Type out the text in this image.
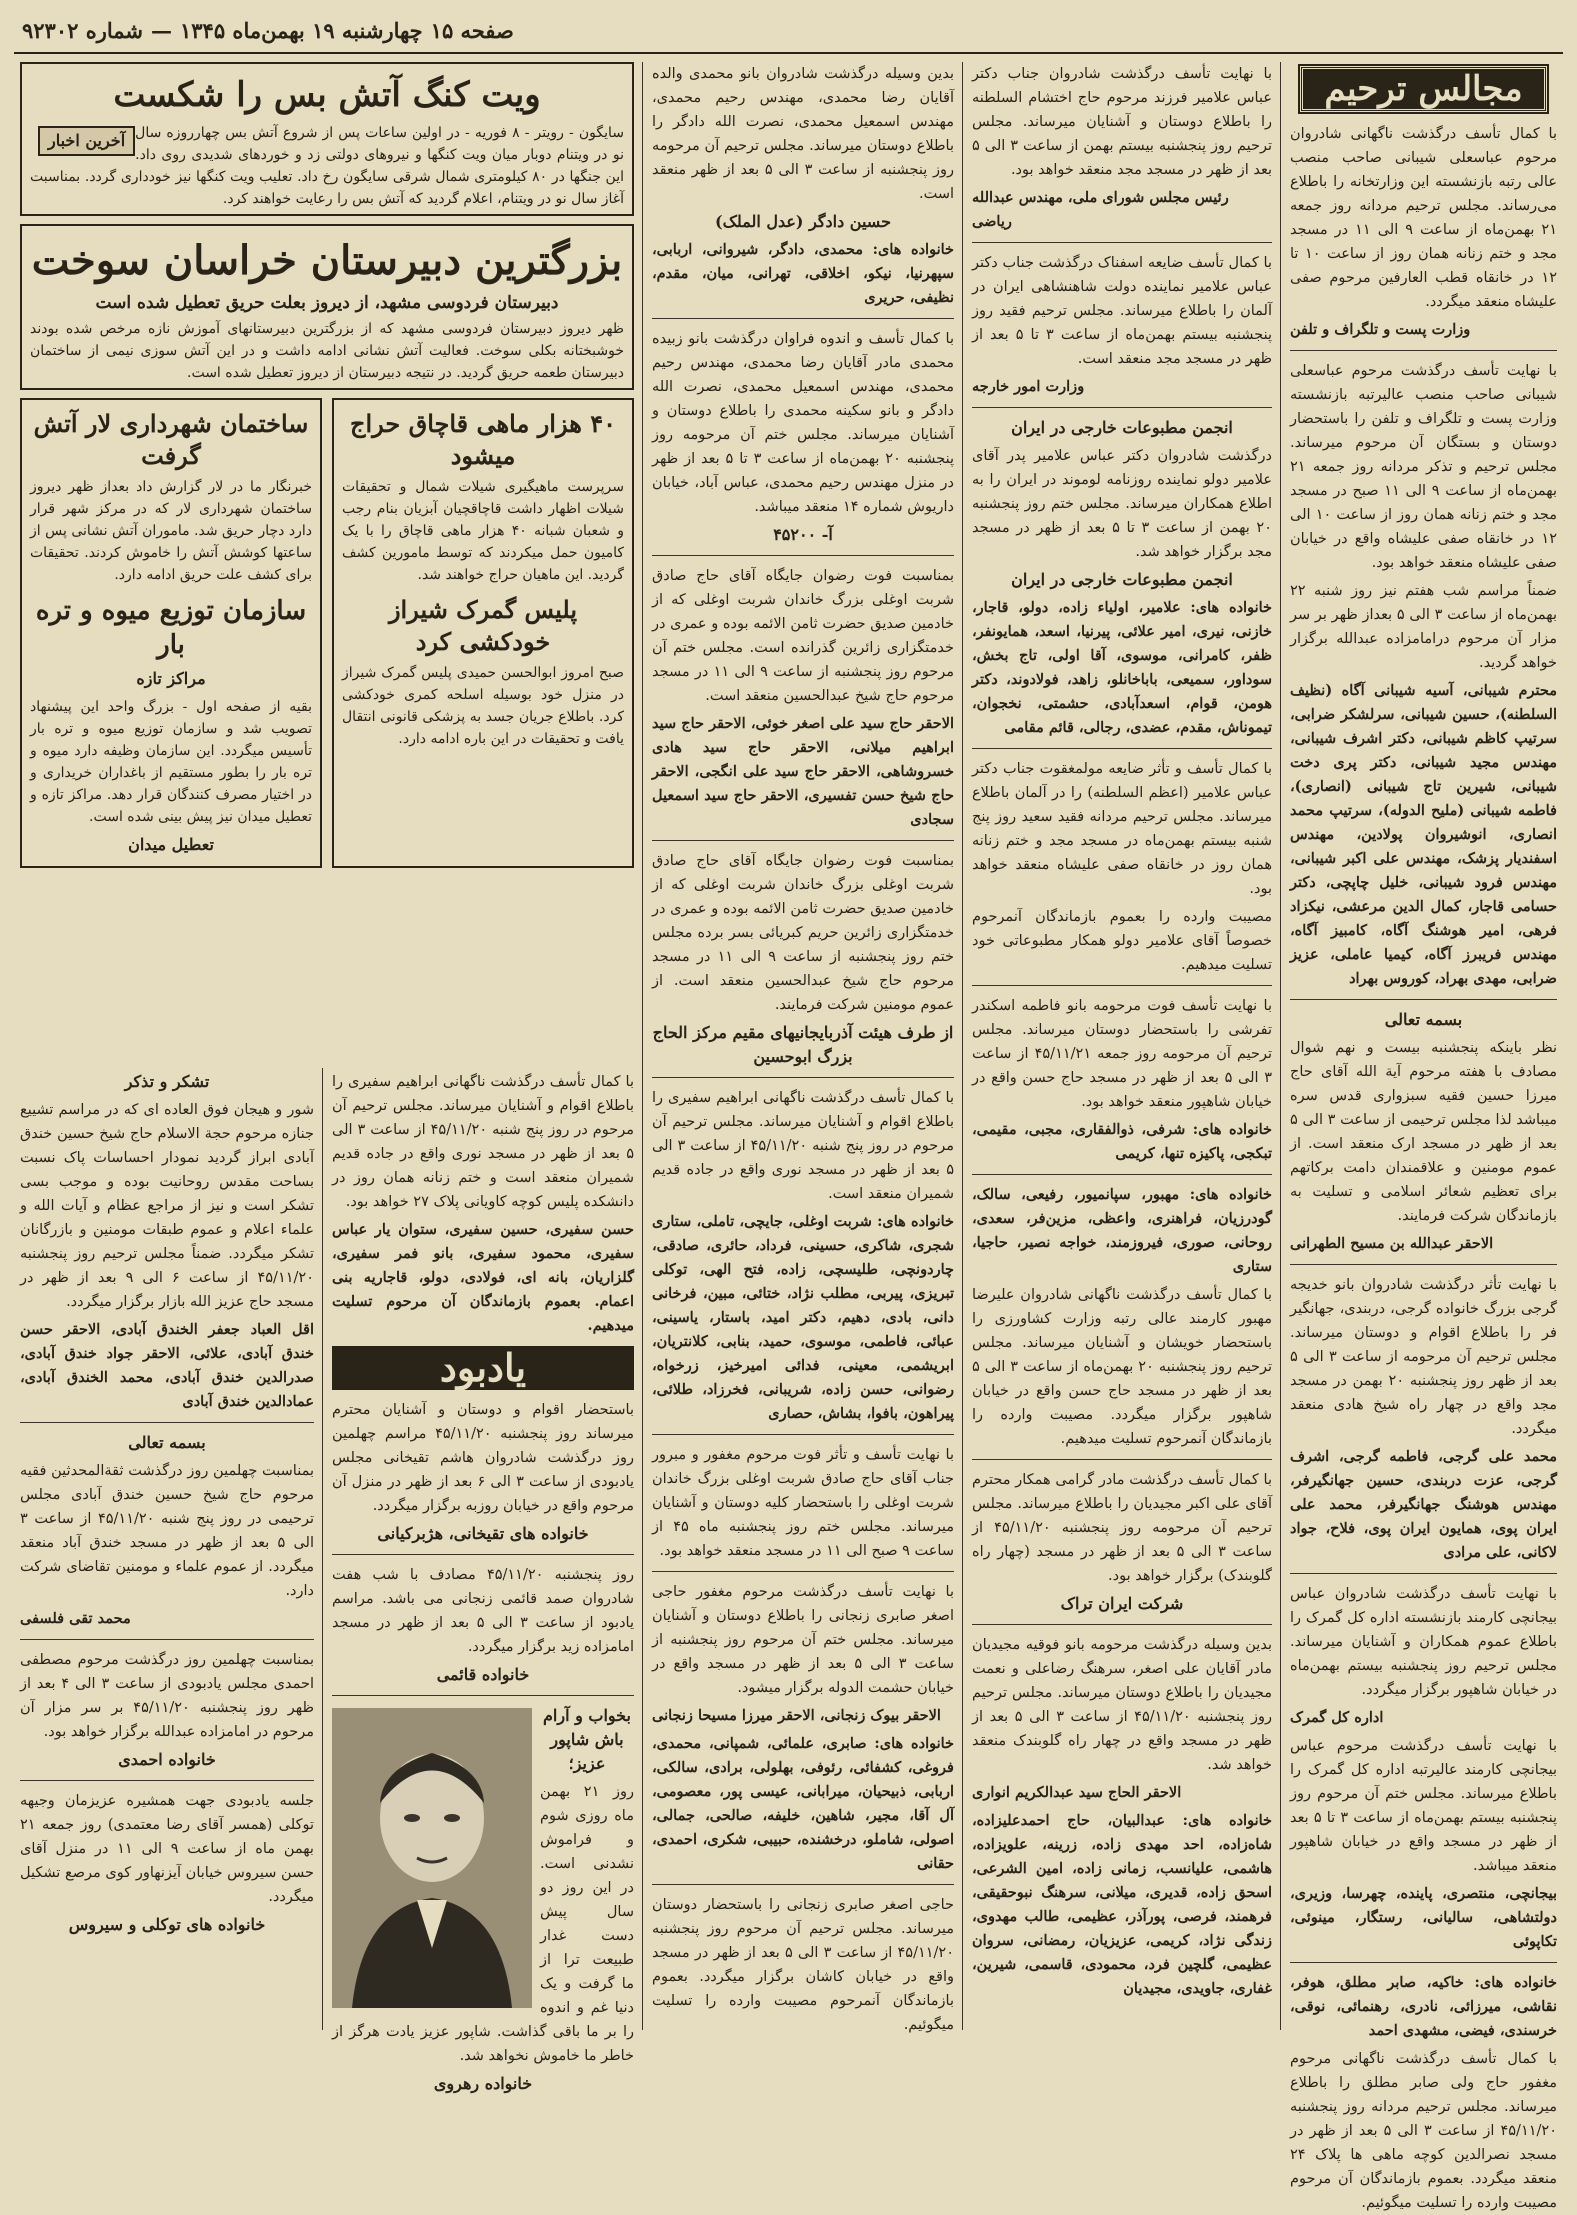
صفحه ۱۵
چهارشنبه ۱۹ بهمن‌ماه ۱۳۴۵
—
شماره ۹۲۳۰۲
مجالس ترحیم

با کمال تأسف درگذشت ناگهانی شادروان مرحوم عباسعلی شیبانی صاحب منصب عالی رتبه بازنشسته این وزارتخانه را باطلاع می‌رساند. مجلس ترحیم مردانه روز جمعه ۲۱ بهمن‌ماه از ساعت ۹ الی ۱۱ در مسجد مجد و ختم زنانه همان روز از ساعت ۱۰ تا ۱۲ در خانقاه قطب العارفین مرحوم صفی علیشاه منعقد میگردد.

وزارت پست و تلگراف و تلفن

با نهایت تأسف درگذشت مرحوم عباسعلی شیبانی صاحب منصب عالیرتبه بازنشسته وزارت پست و تلگراف و تلفن را باستحضار دوستان و بستگان آن مرحوم میرساند. مجلس ترحیم و تذکر مردانه روز جمعه ۲۱ بهمن‌ماه از ساعت ۹ الی ۱۱ صبح در مسجد مجد و ختم زنانه همان روز از ساعت ۱۰ الی ۱۲ در خانقاه صفی علیشاه واقع در خیابان صفی علیشاه منعقد خواهد بود.

ضمناً مراسم شب هفتم نیز روز شنبه ۲۲ بهمن‌ماه از ساعت ۳ الی ۵ بعداز ظهر بر سر مزار آن مرحوم درامامزاده عبدالله برگزار خواهد گردید.

محترم شیبانی، آسیه شیبانی آگاه (نظیف السلطنه)، حسین شیبانی، سرلشکر ضرابی، سرتیپ کاظم شیبانی، دکتر اشرف شیبانی، مهندس مجید شیبانی، دکتر پری دخت شیبانی، شیرین تاج شیبانی (انصاری)، فاطمه شیبانی (ملیح الدوله)، سرتیپ محمد انصاری، انوشیروان پولادین، مهندس اسفندیار پزشک، مهندس علی اکبر شیبانی، مهندس فرود شیبانی، خلیل چاپچی، دکتر حسامی قاجار، کمال الدین مرعشی، نیکزاد فرهی، امیر هوشنگ آگاه، کامبیز آگاه، مهندس فریبرز آگاه، کیمیا عاملی، عزیز ضرابی، مهدی بهراد، کوروس بهراد

بسمه تعالی

نظر باینکه پنجشنبه بیست و نهم شوال مصادف با هفته مرحوم آیة الله آقای حاج میرزا حسین فقیه سبزواری قدس سره میباشد لذا مجلس ترحیمی از ساعت ۳ الی ۵ بعد از ظهر در مسجد ارک منعقد است. از عموم مومنین و علاقمندان دامت برکاتهم برای تعظیم شعائر اسلامی و تسلیت به بازماندگان شرکت فرمایند.

الاحقر عبدالله بن مسیح الطهرانی

با نهایت تأثر درگذشت شادروان بانو خدیجه گرجی بزرگ خانواده گرجی، دربندی، جهانگیر فر را باطلاع اقوام و دوستان میرساند. مجلس ترحیم آن مرحومه از ساعت ۳ الی ۵ بعد از ظهر روز پنجشنبه ۲۰ بهمن در مسجد مجد واقع در چهار راه شیخ هادی منعقد میگردد.

محمد علی گرجی، فاطمه گرجی، اشرف گرجی، عزت دربندی، حسین جهانگیرفر، مهندس هوشنگ جهانگیرفر، محمد علی ایران پوی، همایون ایران پوی، فلاح، جواد لاکانی، علی مرادی

با نهایت تأسف درگذشت شادروان عباس بیجانچی کارمند بازنشسته اداره کل گمرک را باطلاع عموم همکاران و آشنایان میرساند. مجلس ترحیم روز پنجشنبه بیستم بهمن‌ماه در خیابان شاهپور برگزار میگردد.

اداره کل گمرک

با نهایت تأسف درگذشت مرحوم عباس بیجانچی کارمند عالیرتبه اداره کل گمرک را باطلاع میرساند. مجلس ختم آن مرحوم روز پنجشنبه بیستم بهمن‌ماه از ساعت ۳ تا ۵ بعد از ظهر در مسجد واقع در خیابان شاهپور منعقد میباشد.

بیجانچی، منتصری، پاینده، چهرسا، وزیری، دولتشاهی، سالیانی، رستگار، مینوئی، تکاپوئی

خانواده های: خاکیه، صابر مطلق، هوفر، نقاشی، میرزائی، نادری، رهنمائی، نوقی، خرسندی، فیضی، مشهدی احمد

با کمال تأسف درگذشت ناگهانی مرحوم مغفور حاج ولی صابر مطلق را باطلاع میرساند. مجلس ترحیم مردانه روز پنجشنبه ۴۵/۱۱/۲۰ از ساعت ۳ الی ۵ بعد از ظهر در مسجد نصرالدین کوچه ماهی ها پلاک ۲۴ منعقد میگردد. بعموم بازماندگان آن مرحوم مصیبت وارده را تسلیت میگوئیم.

با نهایت تأسف درگذشت شادروان جناب دکتر عباس علامیر فرزند مرحوم حاج اختشام السلطنه را باطلاع دوستان و آشنایان میرساند. مجلس ترحیم روز پنجشنبه بیستم بهمن از ساعت ۳ الی ۵ بعد از ظهر در مسجد مجد منعقد خواهد بود.

رئیس مجلس شورای ملی، مهندس عبدالله ریاضی

با کمال تأسف ضایعه اسفناک درگذشت جناب دکتر عباس علامیر نماینده دولت شاهنشاهی ایران در آلمان را باطلاع میرساند. مجلس ترحیم فقید روز پنجشنبه بیستم بهمن‌ماه از ساعت ۳ تا ۵ بعد از ظهر در مسجد مجد منعقد است.

وزارت امور خارجه

انجمن مطبوعات خارجی در ایران

درگذشت شادروان دکتر عباس علامیر پدر آقای علامیر دولو نماینده روزنامه لوموند در ایران را به اطلاع همکاران میرساند. مجلس ختم روز پنجشنبه ۲۰ بهمن از ساعت ۳ تا ۵ بعد از ظهر در مسجد مجد برگزار خواهد شد.

انجمن مطبوعات خارجی در ایران

خانواده های: علامیر، اولیاء زاده، دولو، قاجار، خازنی، نیری، امیر علائی، پیرنیا، اسعد، همایونفر، ظفر، کامرانی، موسوی، آقا اولی، تاج بخش، سوداور، سمیعی، باباخانلو، زاهد، فولادوند، دکتر هومن، قوام، اسعدآبادی، حشمتی، نخجوان، تیموناش، مقدم، عضدی، رجالی، قائم مقامی

با کمال تأسف و تأثر ضایعه مولمغقوت جناب دکتر عباس علامیر (اعظم السلطنه) را در آلمان باطلاع میرساند. مجلس ترحیم مردانه فقید سعید روز پنج شنبه بیستم بهمن‌ماه در مسجد مجد و ختم زنانه همان روز در خانقاه صفی علیشاه منعقد خواهد بود.

مصیبت وارده را بعموم بازماندگان آنمرحوم خصوصاً آقای علامیر دولو همکار مطبوعاتی خود تسلیت میدهیم.

با نهایت تأسف فوت مرحومه بانو فاطمه اسکندر تفرشی را باستحضار دوستان میرساند. مجلس ترحیم آن مرحومه روز جمعه ۴۵/۱۱/۲۱ از ساعت ۳ الی ۵ بعد از ظهر در مسجد حاج حسن واقع در خیابان شاهپور منعقد خواهد بود.

خانواده های: شرفی، ذوالفقاری، مجبی، مقیمی، تبکجی، پاکیزه تنها، کریمی

خانواده های: مهبور، سپانمیور، رفیعی، سالک، گودرزیان، فراهنری، واعظی، مزین‌فر، سعدی، روحانی، صوری، فیروزمند، خواجه نصیر، حاجیا، ستاری

با کمال تأسف درگذشت ناگهانی شادروان علیرضا مهبور کارمند عالی رتبه وزارت کشاورزی را باستحضار خویشان و آشنایان میرساند. مجلس ترحیم روز پنجشنبه ۲۰ بهمن‌ماه از ساعت ۳ الی ۵ بعد از ظهر در مسجد حاج حسن واقع در خیابان شاهپور برگزار میگردد. مصیبت وارده را بازماندگان آنمرحوم تسلیت میدهیم.

با کمال تأسف درگذشت مادر گرامی همکار محترم آقای علی اکبر مجیدیان را باطلاع میرساند. مجلس ترحیم آن مرحومه روز پنجشنبه ۴۵/۱۱/۲۰ از ساعت ۳ الی ۵ بعد از ظهر در مسجد (چهار راه گلوبندک) برگزار خواهد بود.

شرکت ایران تراک

بدین وسیله درگذشت مرحومه بانو فوقیه مجیدیان مادر آقایان علی اصغر، سرهنگ رضاعلی و نعمت مجیدیان را باطلاع دوستان میرساند. مجلس ترحیم روز پنجشنبه ۴۵/۱۱/۲۰ از ساعت ۳ الی ۵ بعد از ظهر در مسجد واقع در چهار راه گلوبندک منعقد خواهد شد.

الاحقر الحاج سید عبدالکریم انواری

خانواده های: عبدالبیان، حاج احمدعلیزاده، شاه‌زاده، احد مهدی زاده، زرینه، علویزاده، هاشمی، علیانسب، زمانی زاده، امین الشرعی، اسحق زاده، قدیری، میلانی، سرهنگ نبوحقیقی، فرهمند، فرصی، پورآذر، عظیمی، طالب مهدوی، زندگی نژاد، کریمی، عزیزیان، رمضانی، سروان عظیمی، گلچین فرد، محمودی، قاسمی، شیرین، غفاری، جاویدی، مجیدیان

بدین وسیله درگذشت شادروان بانو محمدی والده آقایان رضا محمدی، مهندس رحیم محمدی، مهندس اسمعیل محمدی، نصرت الله دادگر را باطلاع دوستان میرساند. مجلس ترحیم آن مرحومه روز پنجشنبه از ساعت ۳ الی ۵ بعد از ظهر منعقد است.

حسین دادگر (عدل الملک)

خانواده های: محمدی، دادگر، شیروانی، اربابی، سپهرنیا، نیکو، اخلاقی، تهرانی، میان، مقدم، نظیفی، حریری

با کمال تأسف و اندوه فراوان درگذشت بانو زبیده محمدی مادر آقایان رضا محمدی، مهندس رحیم محمدی، مهندس اسمعیل محمدی، نصرت الله دادگر و بانو سکینه محمدی را باطلاع دوستان و آشنایان میرساند. مجلس ختم آن مرحومه روز پنجشنبه ۲۰ بهمن‌ماه از ساعت ۳ تا ۵ بعد از ظهر در منزل مهندس رحیم محمدی، عباس آباد، خیابان داریوش شماره ۱۴ منعقد میباشد.

آ- ۴۵۲۰۰

بمناسبت فوت رضوان جایگاه آقای حاج صادق شربت اوغلی بزرگ خاندان شربت اوغلی که از خادمین صدیق حضرت ثامن الائمه بوده و عمری در خدمتگزاری زائرین گذرانده است. مجلس ختم آن مرحوم روز پنجشنبه از ساعت ۹ الی ۱۱ در مسجد مرحوم حاج شیخ عبدالحسین منعقد است.

الاحقر حاج سید علی اصغر خوئی، الاحقر حاج سید ابراهیم میلانی، الاحقر حاج سید هادی خسروشاهی، الاحقر حاج سید علی انگجی، الاحقر حاج شیخ حسن تفسیری، الاحقر حاج سید اسمعیل سجادی

بمناسبت فوت رضوان جایگاه آقای حاج صادق شربت اوغلی بزرگ خاندان شربت اوغلی که از خادمین صدیق حضرت ثامن الائمه بوده و عمری در خدمتگزاری زائرین حریم کبریائی بسر برده مجلس ختم روز پنجشنبه از ساعت ۹ الی ۱۱ در مسجد مرحوم حاج شیخ عبدالحسین منعقد است. از عموم مومنین شرکت فرمایند.

از طرف هیئت آذربایجانیهای مقیم مرکز الحاج بزرگ ابوحسین

با کمال تأسف درگذشت ناگهانی ابراهیم سفیری را باطلاع اقوام و آشنایان میرساند. مجلس ترحیم آن مرحوم در روز پنج شنبه ۴۵/۱۱/۲۰ از ساعت ۳ الی ۵ بعد از ظهر در مسجد نوری واقع در جاده قدیم شمیران منعقد است.

خانواده های: شربت اوغلی، جایچی، تاملی، ستاری شجری، شاکری، حسینی، فرداد، حائری، صادقی، چاردونچی، طلیسچی، زاده، فتح الهی، توکلی تبریزی، پیربی، مطلب نژاد، ختائی، مبین، فرخانی دانی، بادی، دهیم، دکتر امید، باستار، یاسینی، عبائی، فاطمی، موسوی، حمید، بنابی، کلانتریان، ابریشمی، معینی، فدائی امیرخیز، زرخواه، رضوانی، حسن زاده، شریبانی، فخرزاد، طلائی، پیراهون، بافوا، بشاش، حصاری

با نهایت تأسف و تأثر فوت مرحوم مغفور و مبرور جناب آقای حاج صادق شربت اوغلی بزرگ خاندان شربت اوغلی را باستحضار کلیه دوستان و آشنایان میرساند. مجلس ختم روز پنجشنبه ماه ۴۵ از ساعت ۹ صبح الی ۱۱ در مسجد منعقد خواهد بود.

با نهایت تأسف درگذشت مرحوم مغفور حاجی اصغر صابری زنجانی را باطلاع دوستان و آشنایان میرساند. مجلس ختم آن مرحوم روز پنجشنبه از ساعت ۳ الی ۵ بعد از ظهر در مسجد واقع در خیابان حشمت الدوله برگزار میشود.

الاحقر بیوک زنجانی، الاحقر میرزا مسیحا زنجانی

خانواده های: صابری، علمائی، شمپانی، محمدی، فروغی، کشفائی، رئوفی، بهلولی، برادی، سالکی، اربابی، ذبیحیان، میرابانی، عیسی پور، معصومی، آل آقا، مجیر، شاهین، خلیفه، صالحی، جمالی، اصولی، شاملو، درخشنده، حبیبی، شکری، احمدی، حقانی

حاجی اصغر صابری زنجانی را باستحضار دوستان میرساند. مجلس ترحیم آن مرحوم روز پنجشنبه ۴۵/۱۱/۲۰ از ساعت ۳ الی ۵ بعد از ظهر در مسجد واقع در خیابان کاشان برگزار میگردد. بعموم بازماندگان آنمرحوم مصیبت وارده را تسلیت میگوئیم.

ویت کنگ آتش بس را شکست
آخرین اخبار سایگون - رویتر - ۸ فوریه - در اولین ساعات پس از شروع آتش بس چهارروزه سال نو در ویتنام دوبار میان ویت کنگها و نیروهای دولتی زد و خوردهای شدیدی روی داد. این جنگها در ۸۰ کیلومتری شمال شرقی سایگون رخ داد. تعلیب ویت کنگها نیز خودداری گردد. بمناسبت آغاز سال نو در ویتنام، اعلام گردید که آتش بس را رعایت خواهند کرد.
بزرگترین دبیرستان خراسان سوخت
دبیرستان فردوسی مشهد، از دیروز بعلت حریق تعطیل شده است
ظهر دیروز دبیرستان فردوسی مشهد که از بزرگترین دبیرستانهای آموزش نازه مرخص شده بودند خوشبختانه بکلی سوخت. فعالیت آتش نشانی ادامه داشت و در این آتش سوزی نیمی از ساختمان دبیرستان طعمه حریق گردید. در نتیجه دبیرستان از دیروز تعطیل شده است.
۴۰ هزار ماهی قاچاق حراج میشود
سرپرست ماهیگیری شیلات شمال و تحقیقات شیلات اظهار داشت قاچاقچیان آبزیان بنام رجب و شعبان شبانه ۴۰ هزار ماهی قاچاق را با یک کامیون حمل میکردند که توسط مامورین کشف گردید. این ماهیان حراج خواهند شد.
پلیس گمرک شیراز خودکشی کرد
صبح امروز ابوالحسن حمیدی پلیس گمرک شیراز در منزل خود بوسیله اسلحه کمری خودکشی کرد. باطلاع جریان جسد به پزشکی قانونی انتقال یافت و تحقیقات در این باره ادامه دارد.
ساختمان شهرداری لار آتش گرفت
خبرنگار ما در لار گزارش داد بعداز ظهر دیروز ساختمان شهرداری لار که در مرکز شهر قرار دارد دچار حریق شد. ماموران آتش نشانی پس از ساعتها کوشش آتش را خاموش کردند. تحقیقات برای کشف علت حریق ادامه دارد.
سازمان توزیع میوه و تره بار
مراکز تازه
بقیه از صفحه اول - بزرگ واحد این پیشنهاد تصویب شد و سازمان توزیع میوه و تره بار تأسیس میگردد. این سازمان وظیفه دارد میوه و تره بار را بطور مستقیم از باغداران خریداری و در اختیار مصرف کنندگان قرار دهد. مراکز تازه و تعطیل میدان نیز پیش بینی شده است.
تعطیل میدان

تشکر و تذکر

شور و هیجان فوق العاده ای که در مراسم تشییع جنازه مرحوم حجة الاسلام حاج شیخ حسین خندق آبادی ابراز گردید نمودار احساسات پاک نسبت بساحت مقدس روحانیت بوده و موجب بسی تشکر است و نیز از مراجع عظام و آیات الله و علماء اعلام و عموم طبقات مومنین و بازرگانان تشکر میگردد. ضمناً مجلس ترحیم روز پنجشنبه ۴۵/۱۱/۲۰ از ساعت ۶ الی ۹ بعد از ظهر در مسجد حاج عزیز الله بازار برگزار میگردد.

اقل العباد جعفر الخندق آبادی، الاحقر حسن خندق آبادی، علائی، الاحقر جواد خندق آبادی، صدرالدین خندق آبادی، محمد الخندق آبادی، عمادالدین خندق آبادی

بسمه تعالی

بمناسبت چهلمین روز درگذشت ثقةالمحدثین فقیه مرحوم حاج شیخ حسین خندق آبادی مجلس ترحیمی در روز پنج شنبه ۴۵/۱۱/۲۰ از ساعت ۳ الی ۵ بعد از ظهر در مسجد خندق آباد منعقد میگردد. از عموم علماء و مومنین تقاضای شرکت دارد.

محمد تقی فلسفی

بمناسبت چهلمین روز درگذشت مرحوم مصطفی احمدی مجلس یادبودی از ساعت ۳ الی ۴ بعد از ظهر روز پنجشنبه ۴۵/۱۱/۲۰ بر سر مزار آن مرحوم در امامزاده عبدالله برگزار خواهد بود.

خانواده احمدی

جلسه یادبودی جهت همشیره عزیزمان وجیهه توکلی (همسر آقای رضا معتمدی) روز جمعه ۲۱ بهمن ماه از ساعت ۹ الی ۱۱ در منزل آقای حسن سیروس خیابان آیزنهاور کوی مرصع تشکیل میگردد.

خانواده های توکلی و سیروس

با کمال تأسف درگذشت ناگهانی ابراهیم سفیری را باطلاع اقوام و آشنایان میرساند. مجلس ترحیم آن مرحوم در روز پنج شنبه ۴۵/۱۱/۲۰ از ساعت ۳ الی ۵ بعد از ظهر در مسجد نوری واقع در جاده قدیم شمیران منعقد است و ختم زنانه همان روز در دانشکده پلیس کوچه کاویانی پلاک ۲۷ خواهد بود.

حسن سفیری، حسین سفیری، ستوان یار عباس سفیری، محمود سفیری، بانو فمر سفیری، گلزاریان، بانه ای، فولادی، دولو، قاجاریه بنی اعمام. بعموم بازماندگان آن مرحوم تسلیت میدهیم.

یادبود

باستحضار اقوام و دوستان و آشنایان محترم میرساند روز پنجشنبه ۴۵/۱۱/۲۰ مراسم چهلمین روز درگذشت شادروان هاشم تقیخانی مجلس یادبودی از ساعت ۳ الی ۶ بعد از ظهر در منزل آن مرحوم واقع در خیابان روزبه برگزار میگردد.

خانواده های تقیخانی، هژبرکیانی

روز پنجشنبه ۴۵/۱۱/۲۰ مصادف با شب هفت شادروان صمد قائمی زنجانی می باشد. مراسم یادبود از ساعت ۳ الی ۵ بعد از ظهر در مسجد امامزاده زید برگزار میگردد.

خانواده قائمی

بخواب و آرام باش شاپور عزیز؛

روز ۲۱ بهمن ماه روزی شوم و فراموش نشدنی است. در این روز دو سال پیش دست غدار طبیعت ترا از ما گرفت و یک دنیا غم و اندوه را بر ما باقی گذاشت. شاپور عزیز یادت هرگز از خاطر ما خاموش نخواهد شد.

خانواده رهروی
